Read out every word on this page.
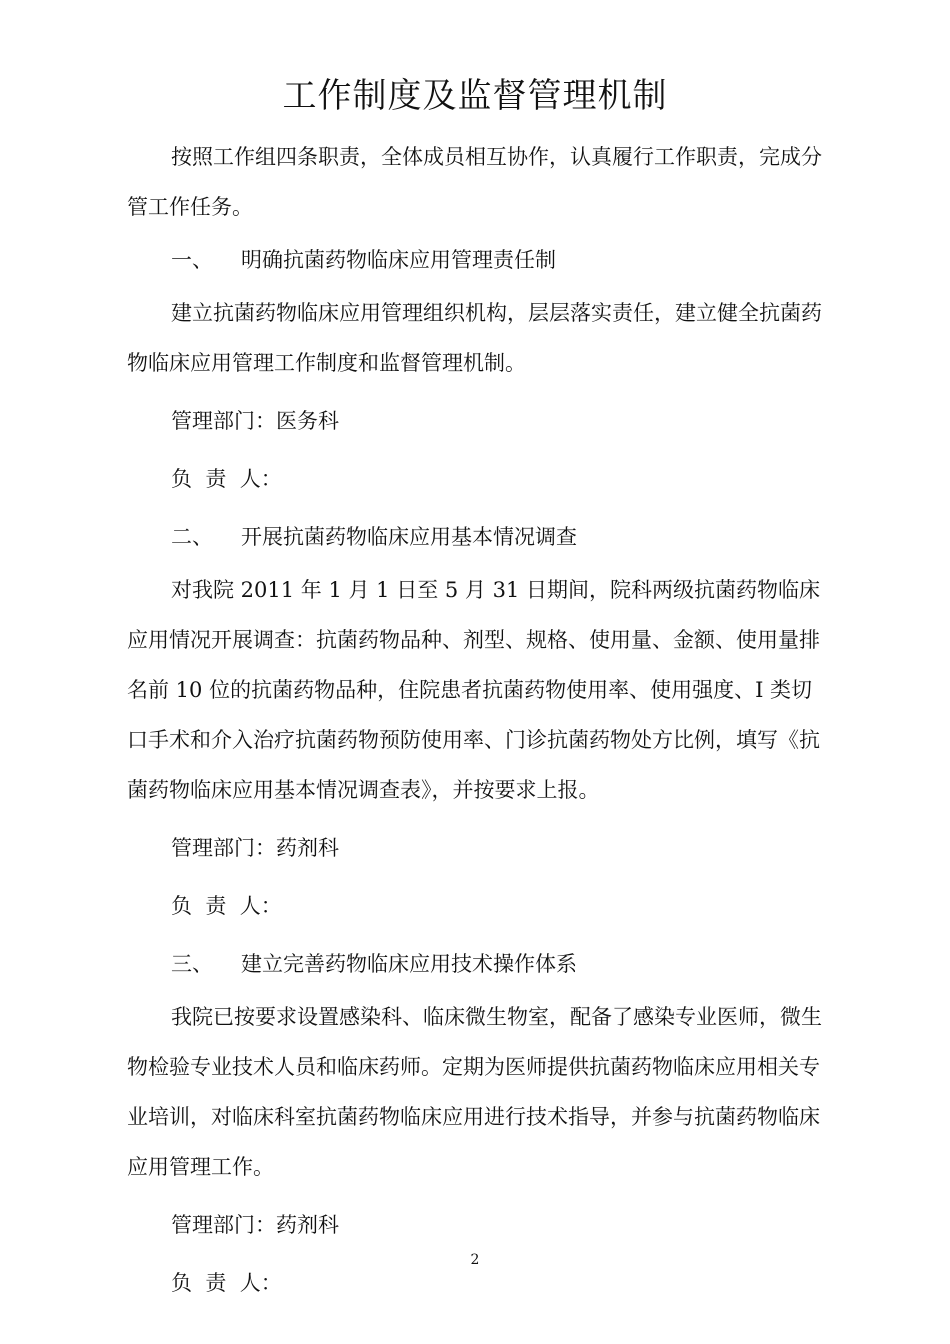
工作制度及监督管理机制

按照工作组四条职责，全体成员相互协作，认真履行工作职责，完成分管工作任务。

一、 明确抗菌药物临床应用管理责任制

建立抗菌药物临床应用管理组织机构，层层落实责任，建立健全抗菌药物临床应用管理工作制度和监督管理机制。

管理部门：医务科

负  责  人：

二、 开展抗菌药物临床应用基本情况调查

对我院 2011 年 1 月 1 日至 5 月 31 日期间，院科两级抗菌药物临床应用情况开展调查：抗菌药物品种、剂型、规格、使用量、金额、使用量排名前 10 位的抗菌药物品种，住院患者抗菌药物使用率、使用强度、I 类切口手术和介入治疗抗菌药物预防使用率、门诊抗菌药物处方比例，填写《抗菌药物临床应用基本情况调查表》，并按要求上报。

管理部门：药剂科

负  责  人：

三、 建立完善药物临床应用技术操作体系

我院已按要求设置感染科、临床微生物室，配备了感染专业医师，微生物检验专业技术人员和临床药师。定期为医师提供抗菌药物临床应用相关专业培训，对临床科室抗菌药物临床应用进行技术指导，并参与抗菌药物临床应用管理工作。

管理部门：药剂科

负  责  人：

2
